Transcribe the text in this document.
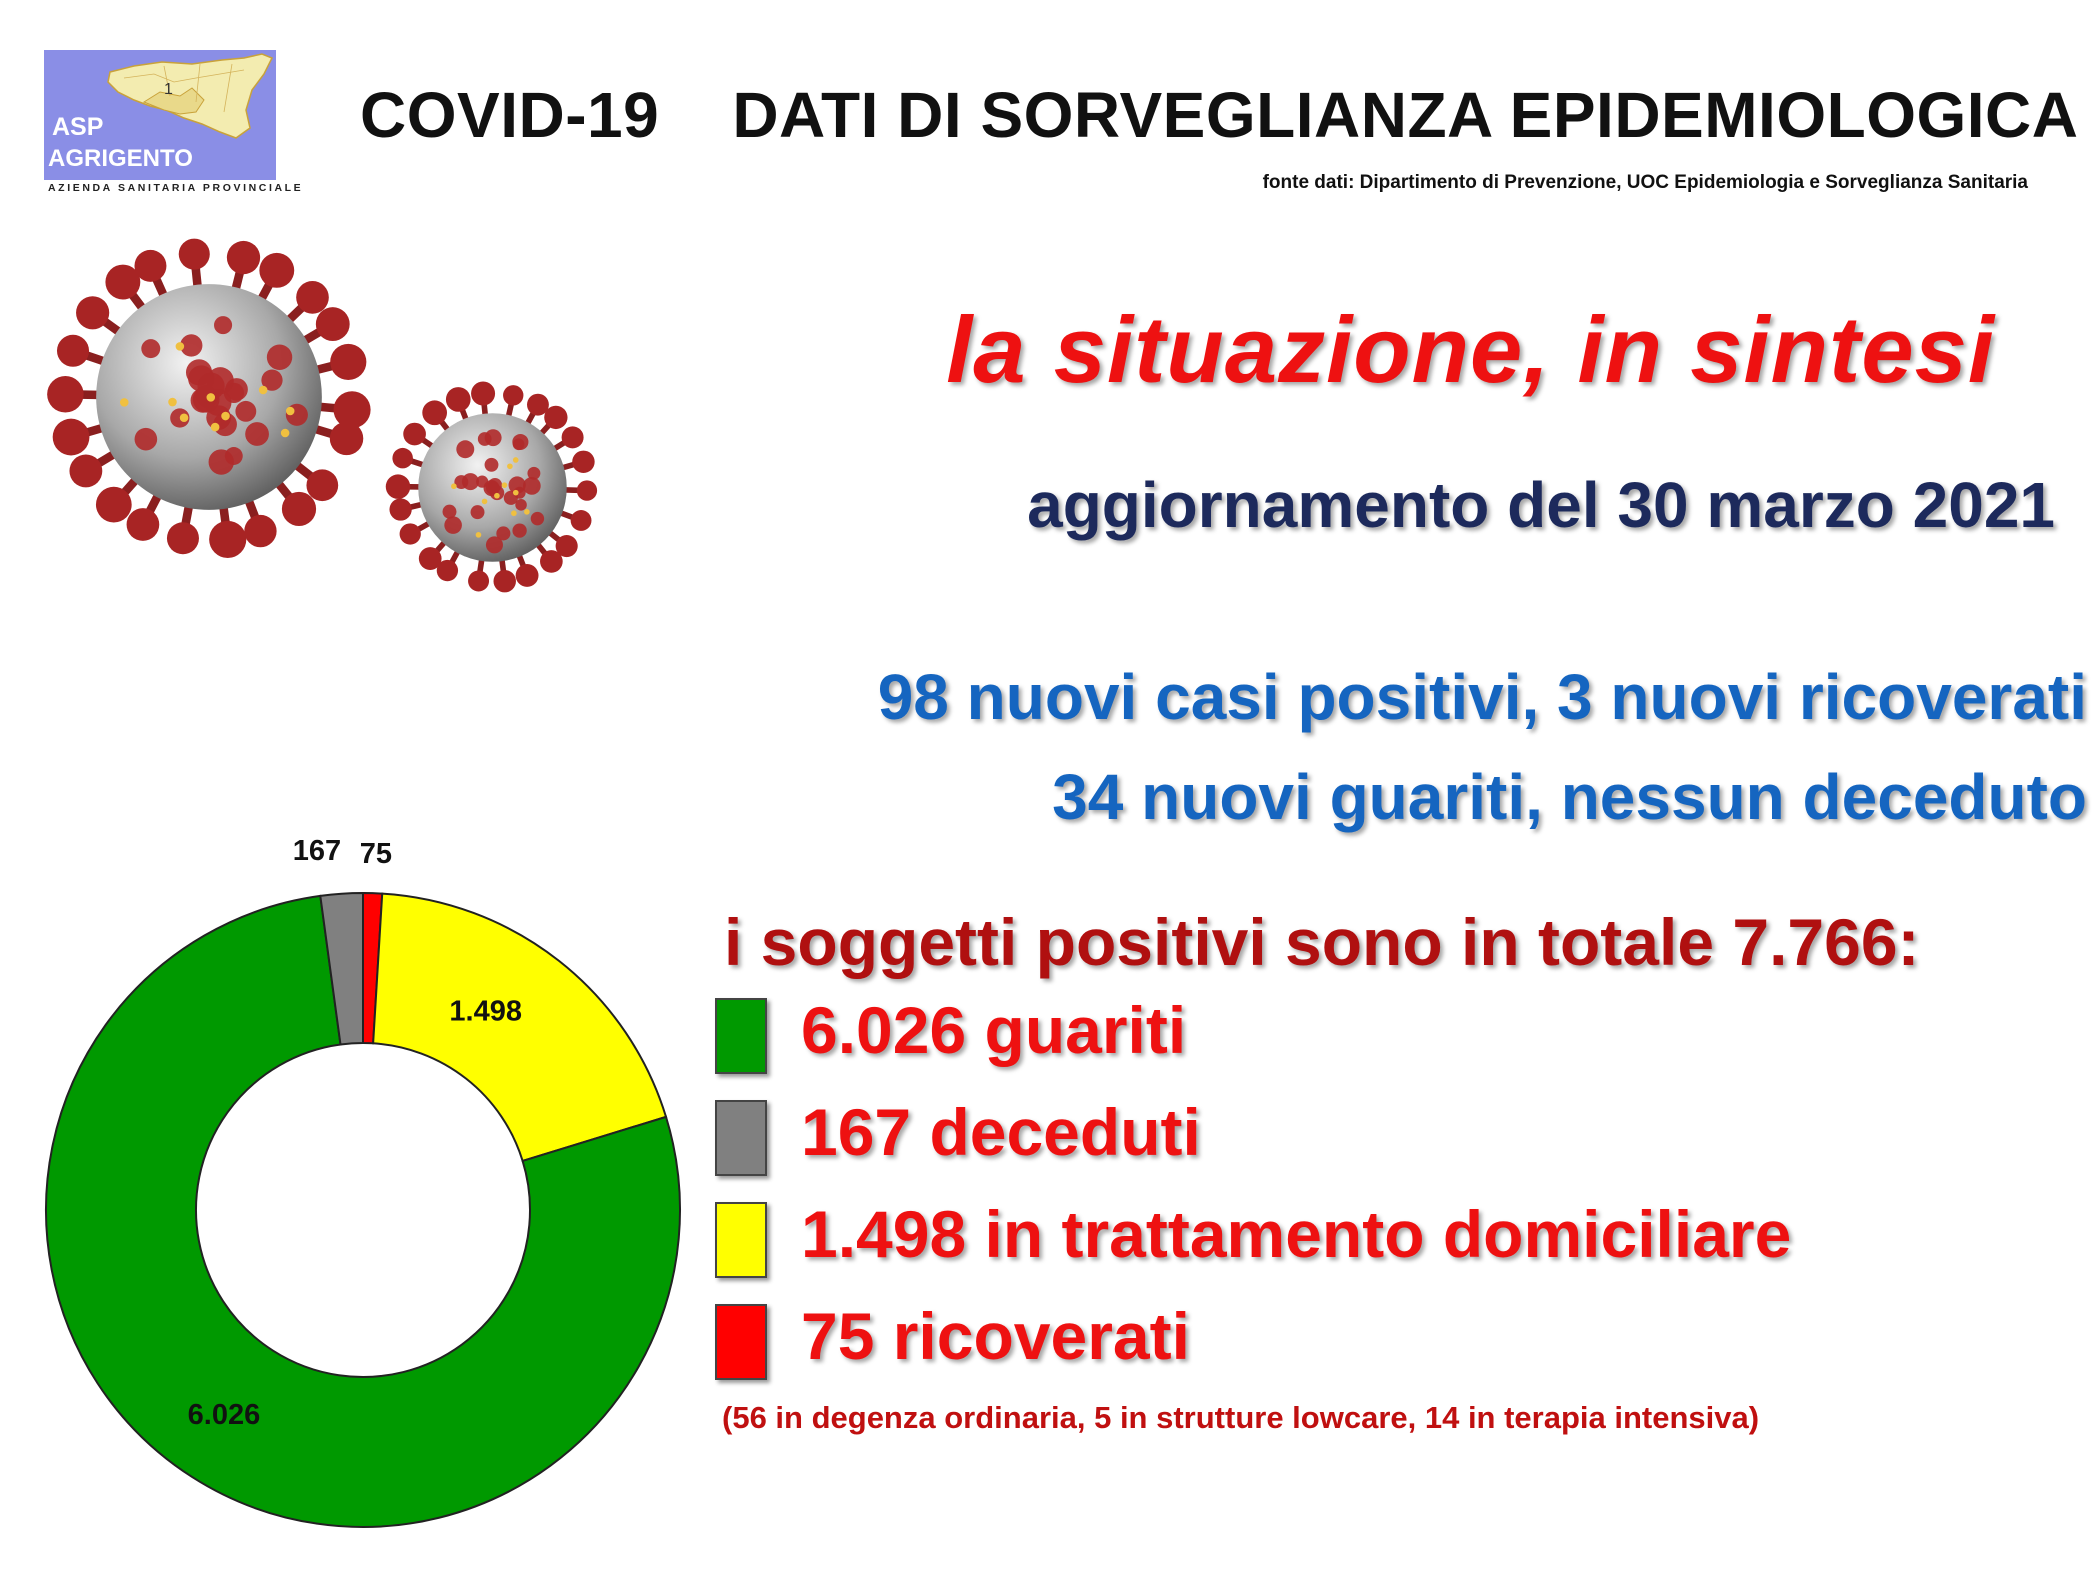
1
ASP
AGRIGENTO
AZIENDA SANITARIA PROVINCIALE
COVID-19    DATI DI SORVEGLIANZA EPIDEMIOLOGICA
fonte dati: Dipartimento di Prevenzione, UOC Epidemiologia e Sorveglianza Sanitaria
la situazione, in sintesi
aggiornamento del 30 marzo 2021
98 nuovi casi positivi, 3 nuovi ricoverati
34 nuovi guariti, nessun deceduto
i soggetti positivi sono in totale 7.766:
6.026 guariti
167 deceduti
1.498 in trattamento domiciliare
75 ricoverati
(56 in degenza ordinaria, 5 in strutture lowcare, 14 in terapia intensiva)
6.026
167
1.498
75
